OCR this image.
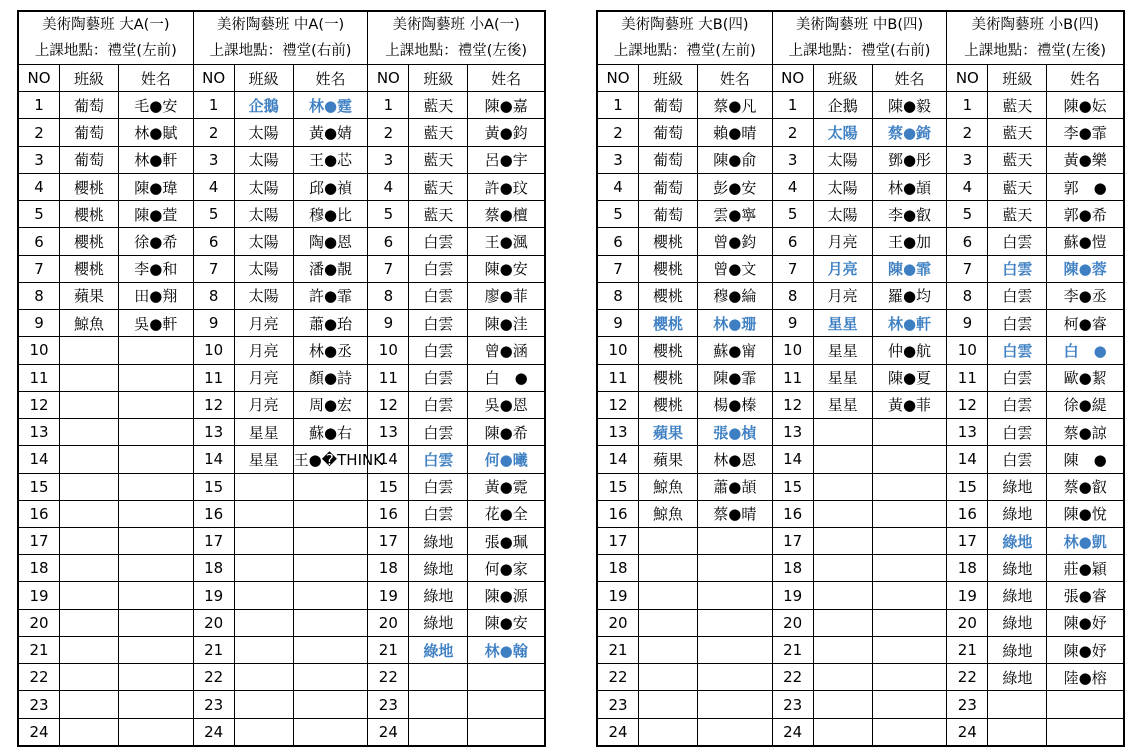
美術陶藝班 大A(一)
上課地點：禮堂(左前)
NO	班級	姓名
1	葡萄	毛●安
2	葡萄	林●賦
3	葡萄	林●軒
4	櫻桃	陳●瑋
5	櫻桃	陳●萱
6	櫻桃	徐●希
7	櫻桃	李●和
8	蘋果	田●翔
9	鯨魚	吳●軒
10		
11		
12		
13		
14		
15		
16		
17		
18		
19		
20		
21		
22		
23		
24		
美術陶藝班 中A(一)
上課地點：禮堂(右前)
NO	班級	姓名
1	企鵝	林●霆
2	太陽	黃●婧
3	太陽	王●芯
4	太陽	邱●禎
5	太陽	穆●比
6	太陽	陶●恩
7	太陽	潘●靚
8	太陽	許●霏
9	月亮	蕭●珆
10	月亮	林●丞
11	月亮	顏●詩
12	月亮	周●宏
13	星星	蘇●右
14	星星	王●�THINK
15		
16		
17		
18		
19		
20		
21		
22		
23		
24		
美術陶藝班 小A(一)
上課地點：禮堂(左後)
NO	班級	姓名
1	藍天	陳●嘉
2	藍天	黃●鈞
3	藍天	呂●宇
4	藍天	許●玟
5	藍天	蔡●檀
6	白雲	王●渢
7	白雲	陳●安
8	白雲	廖●菲
9	白雲	陳●洼
10	白雲	曾●涵
11	白雲	白　●
12	白雲	吳●恩
13	白雲	陳●希
14	白雲	何●曦
15	白雲	黃●霓
16	白雲	花●全
17	綠地	張●珮
18	綠地	何●家
19	綠地	陳●源
20	綠地	陳●安
21	綠地	林●翰
22		
23		
24		
美術陶藝班 大B(四)
上課地點：禮堂(左前)
NO	班級	姓名
1	葡萄	蔡●凡
2	葡萄	賴●晴
3	葡萄	陳●俞
4	葡萄	彭●安
5	葡萄	雲●寧
6	櫻桃	曾●鈞
7	櫻桃	曾●文
8	櫻桃	穆●綸
9	櫻桃	林●珊
10	櫻桃	蘇●甯
11	櫻桃	陳●霏
12	櫻桃	楊●榛
13	蘋果	張●楨
14	蘋果	林●恩
15	鯨魚	蕭●頡
16	鯨魚	蔡●晴
17		
18		
19		
20		
21		
22		
23		
24		
美術陶藝班 中B(四)
上課地點：禮堂(右前)
NO	班級	姓名
1	企鵝	陳●毅
2	太陽	蔡●錡
3	太陽	鄧●彤
4	太陽	林●頡
5	太陽	李●叡
6	月亮	王●加
7	月亮	陳●霏
8	月亮	羅●均
9	星星	林●軒
10	星星	仲●航
11	星星	陳●夏
12	星星	黃●菲
13		
14		
15		
16		
17		
18		
19		
20		
21		
22		
23		
24		
美術陶藝班 小B(四)
上課地點：禮堂(左後)
NO	班級	姓名
1	藍天	陳●妘
2	藍天	李●霏
3	藍天	黃●樂
4	藍天	郭　●
5	藍天	郭●希
6	白雲	蘇●愷
7	白雲	陳●蓉
8	白雲	李●丞
9	白雲	柯●睿
10	白雲	白　●
11	白雲	歐●絜
12	白雲	徐●緹
13	白雲	蔡●諒
14	白雲	陳　●
15	綠地	蔡●叡
16	綠地	陳●悅
17	綠地	林●凱
18	綠地	莊●穎
19	綠地	張●睿
20	綠地	陳●妤
21	綠地	陳●妤
22	綠地	陸●榕
23		
24		
